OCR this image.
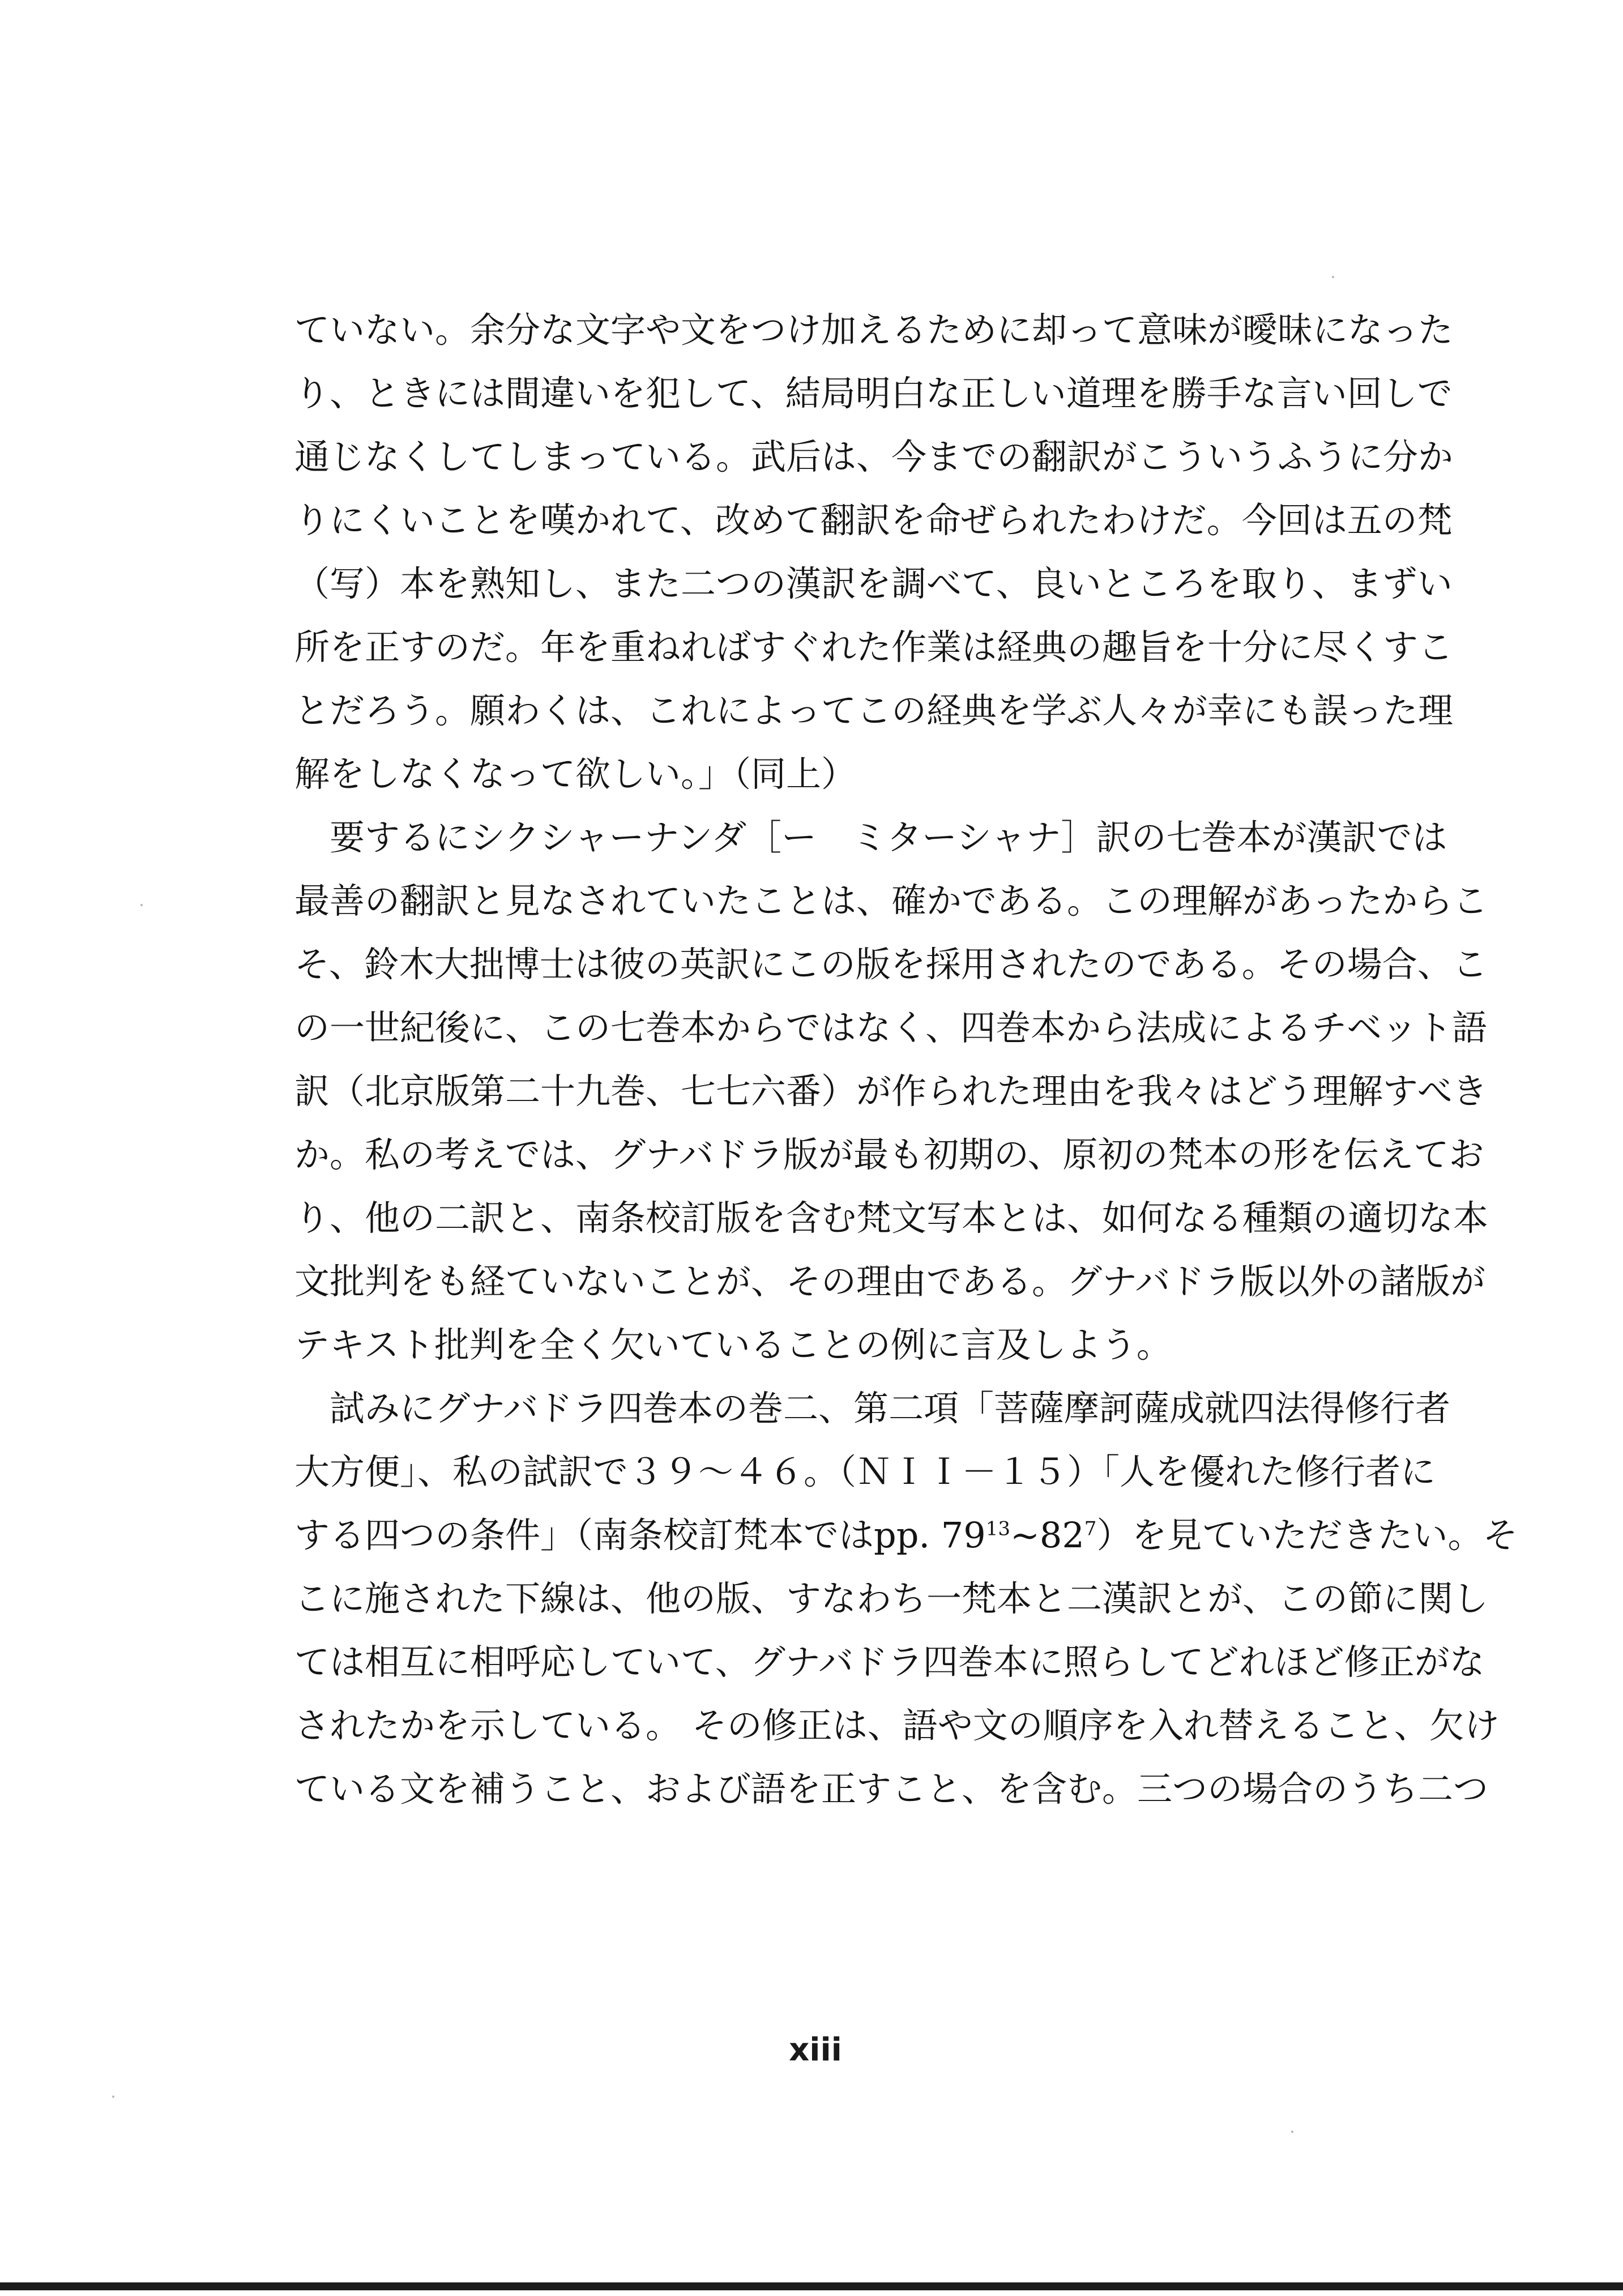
ていない。余分な文字や文をつけ加えるために却って意味が曖昧になった
り、ときには間違いを犯して、結局明白な正しい道理を勝手な言い回しで
通じなくしてしまっている。武后は、今までの翻訳がこういうふうに分か
りにくいことを嘆かれて、改めて翻訳を命ぜられたわけだ。今回は五の梵
（写）本を熟知し、また二つの漢訳を調べて、良いところを取り、まずい
所を正すのだ。年を重ねればすぐれた作業は経典の趣旨を十分に尽くすこ
とだろう。願わくは、これによってこの経典を学ぶ人々が幸にも誤った理
解をしなくなって欲しい。」（同上）
　要するにシクシャーナンダ［ー　ミターシャナ］訳の七巻本が漢訳では
最善の翻訳と見なされていたことは、確かである。この理解があったからこ
そ、鈴木大拙博士は彼の英訳にこの版を採用されたのである。その場合、こ
の一世紀後に、この七巻本からではなく、四巻本から法成によるチベット語
訳（北京版第二十九巻、七七六番）が作られた理由を我々はどう理解すべき
か。私の考えでは、グナバドラ版が最も初期の、原初の梵本の形を伝えてお
り、他の二訳と、南条校訂版を含む梵文写本とは、如何なる種類の適切な本
文批判をも経ていないことが、その理由である。グナバドラ版以外の諸版が
テキスト批判を全く欠いていることの例に言及しよう。
　試みにグナバドラ四巻本の巻二、第二項「菩薩摩訶薩成就四法得修行者
大方便」、私の試訳で３９～４６。（ＮＩＩ－１５）「人を優れた修行者に
する四つの条件」（南条校訂梵本ではpp. $79^{13}\sim 82^7$）を見ていただきたい。そ
こに施された下線は、他の版、すなわち一梵本と二漢訳とが、この節に関し
ては相互に相呼応していて、グナバドラ四巻本に照らしてどれほど修正がな
されたかを示している。 その修正は、語や文の順序を入れ替えること、欠け
ている文を補うこと、および語を正すこと、を含む。三つの場合のうち二つ
xiii
